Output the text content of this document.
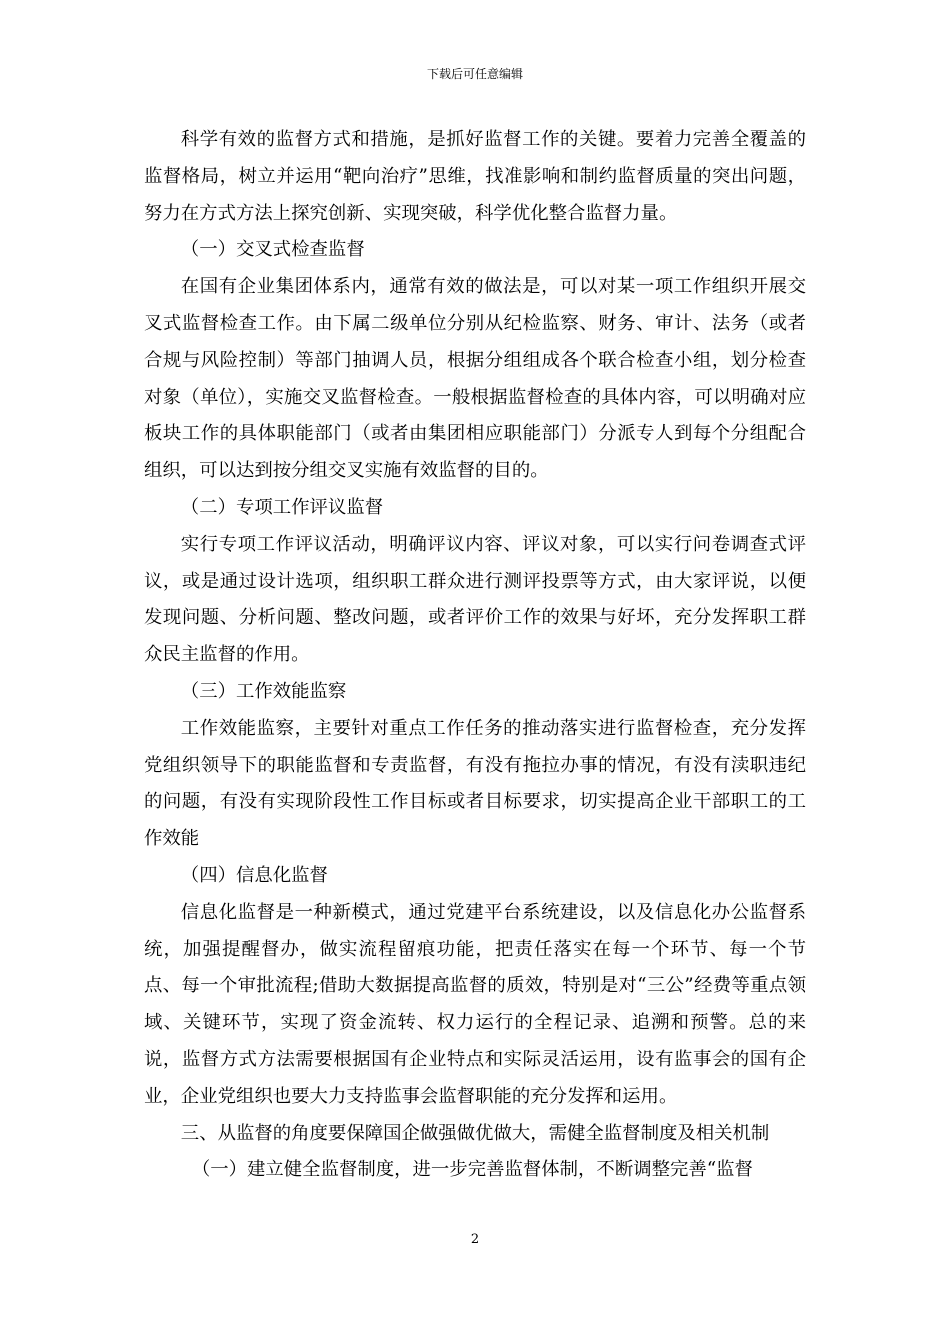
下载后可任意编辑

科学有效的监督方式和措施，是抓好监督工作的关键。要着力完善全覆盖的监督格局，树立并运用“靶向治疗”思维，找准影响和制约监督质量的突出问题，努力在方式方法上探究创新、实现突破，科学优化整合监督力量。

（一）交叉式检查监督

在国有企业集团体系内，通常有效的做法是，可以对某一项工作组织开展交叉式监督检查工作。由下属二级单位分别从纪检监察、财务、审计、法务（或者合规与风险控制）等部门抽调人员，根据分组组成各个联合检查小组，划分检查对象（单位），实施交叉监督检查。一般根据监督检查的具体内容，可以明确对应板块工作的具体职能部门（或者由集团相应职能部门）分派专人到每个分组配合组织，可以达到按分组交叉实施有效监督的目的。

（二）专项工作评议监督

实行专项工作评议活动，明确评议内容、评议对象，可以实行问卷调查式评议，或是通过设计选项，组织职工群众进行测评投票等方式，由大家评说，以便发现问题、分析问题、整改问题，或者评价工作的效果与好坏，充分发挥职工群众民主监督的作用。

（三）工作效能监察

工作效能监察，主要针对重点工作任务的推动落实进行监督检查，充分发挥党组织领导下的职能监督和专责监督，有没有拖拉办事的情况，有没有渎职违纪的问题，有没有实现阶段性工作目标或者目标要求，切实提高企业干部职工的工作效能

（四）信息化监督

信息化监督是一种新模式，通过党建平台系统建设，以及信息化办公监督系统，加强提醒督办，做实流程留痕功能，把责任落实在每一个环节、每一个节点、每一个审批流程;借助大数据提高监督的质效，特别是对“三公”经费等重点领域、关键环节，实现了资金流转、权力运行的全程记录、追溯和预警。总的来说，监督方式方法需要根据国有企业特点和实际灵活运用，设有监事会的国有企业，企业党组织也要大力支持监事会监督职能的充分发挥和运用。

三、从监督的角度要保障国企做强做优做大，需健全监督制度及相关机制

（一）建立健全监督制度，进一步完善监督体制，不断调整完善“监督

2
